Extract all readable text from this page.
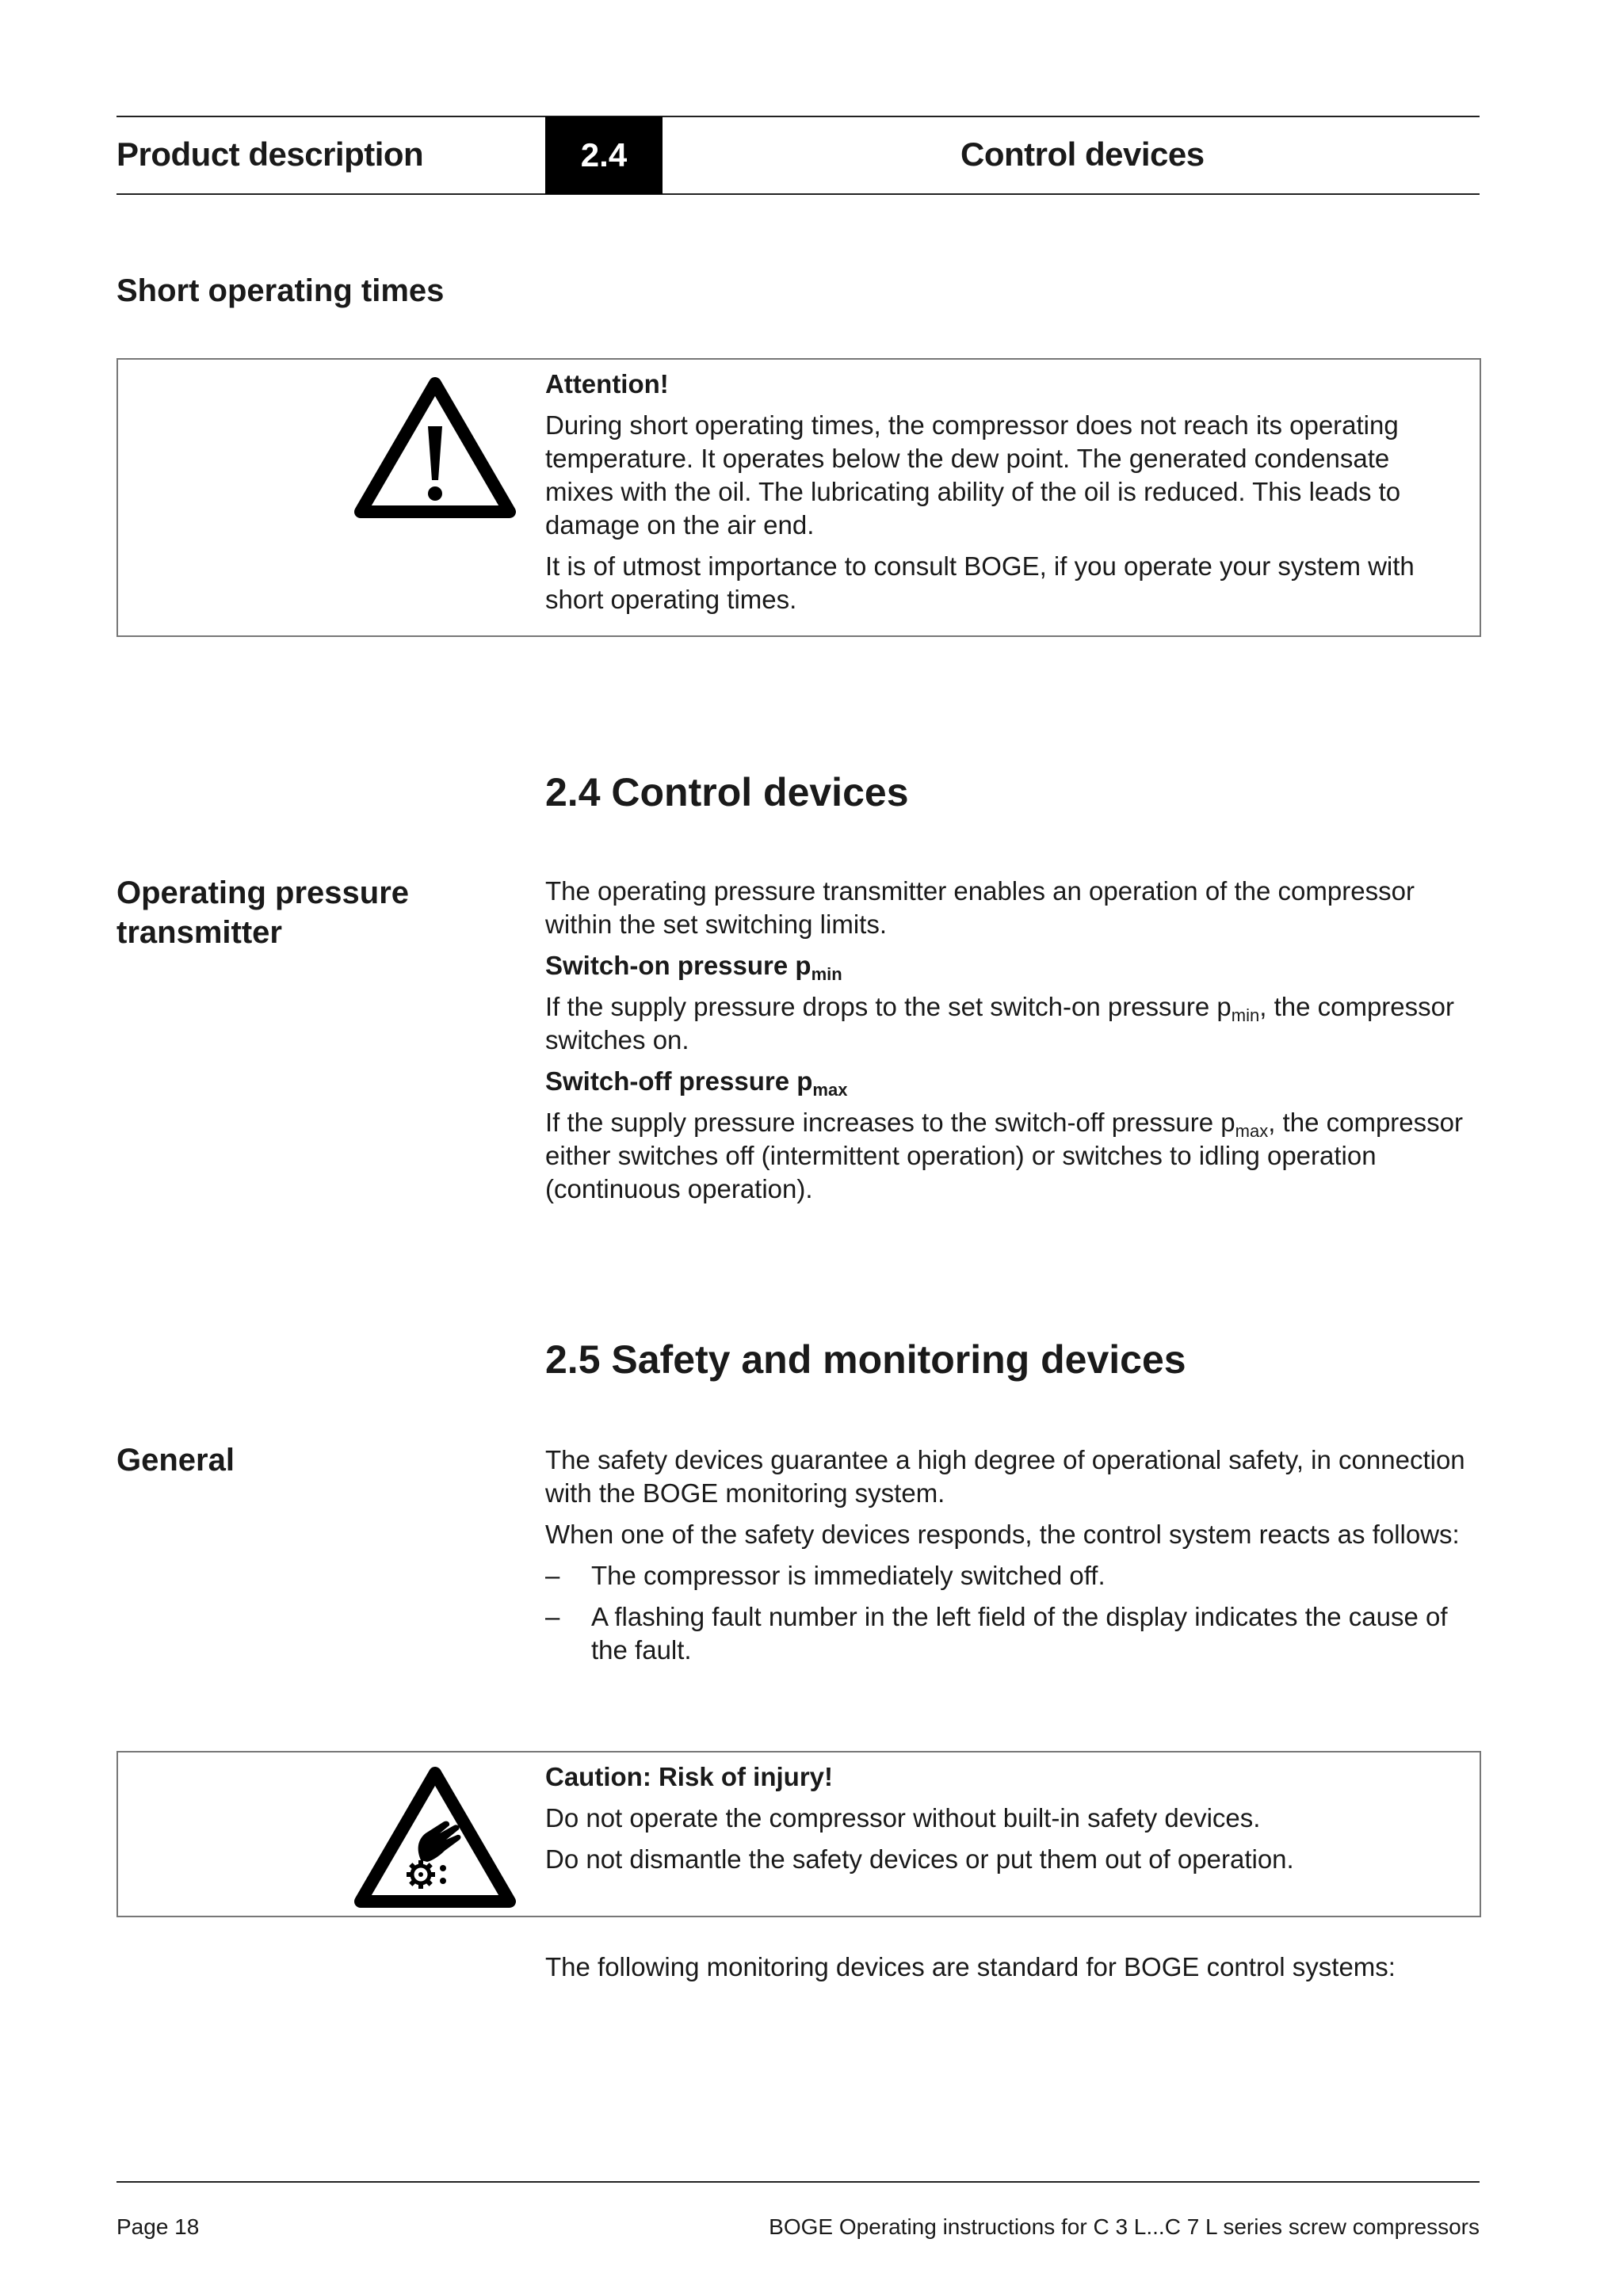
Product description	2.4	Control devices
Short operating times

Attention!

During short operating times, the compressor does not reach its operating temperature. It operates below the dew point. The generated condensate mixes with the oil. The lubricating ability of the oil is reduced. This leads to damage on the air end.

It is of utmost importance to consult BOGE, if you operate your system with short operating times.

2.4 Control devices
Operating pressure transmitter

The operating pressure transmitter enables an operation of the compressor within the set switching limits.

Switch-on pressure $p_{min}$

If the supply pressure drops to the set switch-on pressure $p_{min}$, the compressor switches on.

Switch-off pressure $p_{max}$

If the supply pressure increases to the switch-off pressure $p_{max}$, the compressor either switches off (intermittent operation) or switches to idling operation (continuous operation).

2.5 Safety and monitoring devices
General	The safety devices guarantee a high degree of operational safety, in connection with the BOGE monitoring system.

When one of the safety devices responds, the control system reacts as follows:

– The compressor is immediately switched off.
– A flashing fault number in the left field of the display indicates the cause of the fault.

Caution: Risk of injury!

Do not operate the compressor without built-in safety devices.

Do not dismantle the safety devices or put them out of operation.

The following monitoring devices are standard for BOGE control systems:
Page 18	BOGE Operating instructions for C 3 L...C 7 L series screw compressors
